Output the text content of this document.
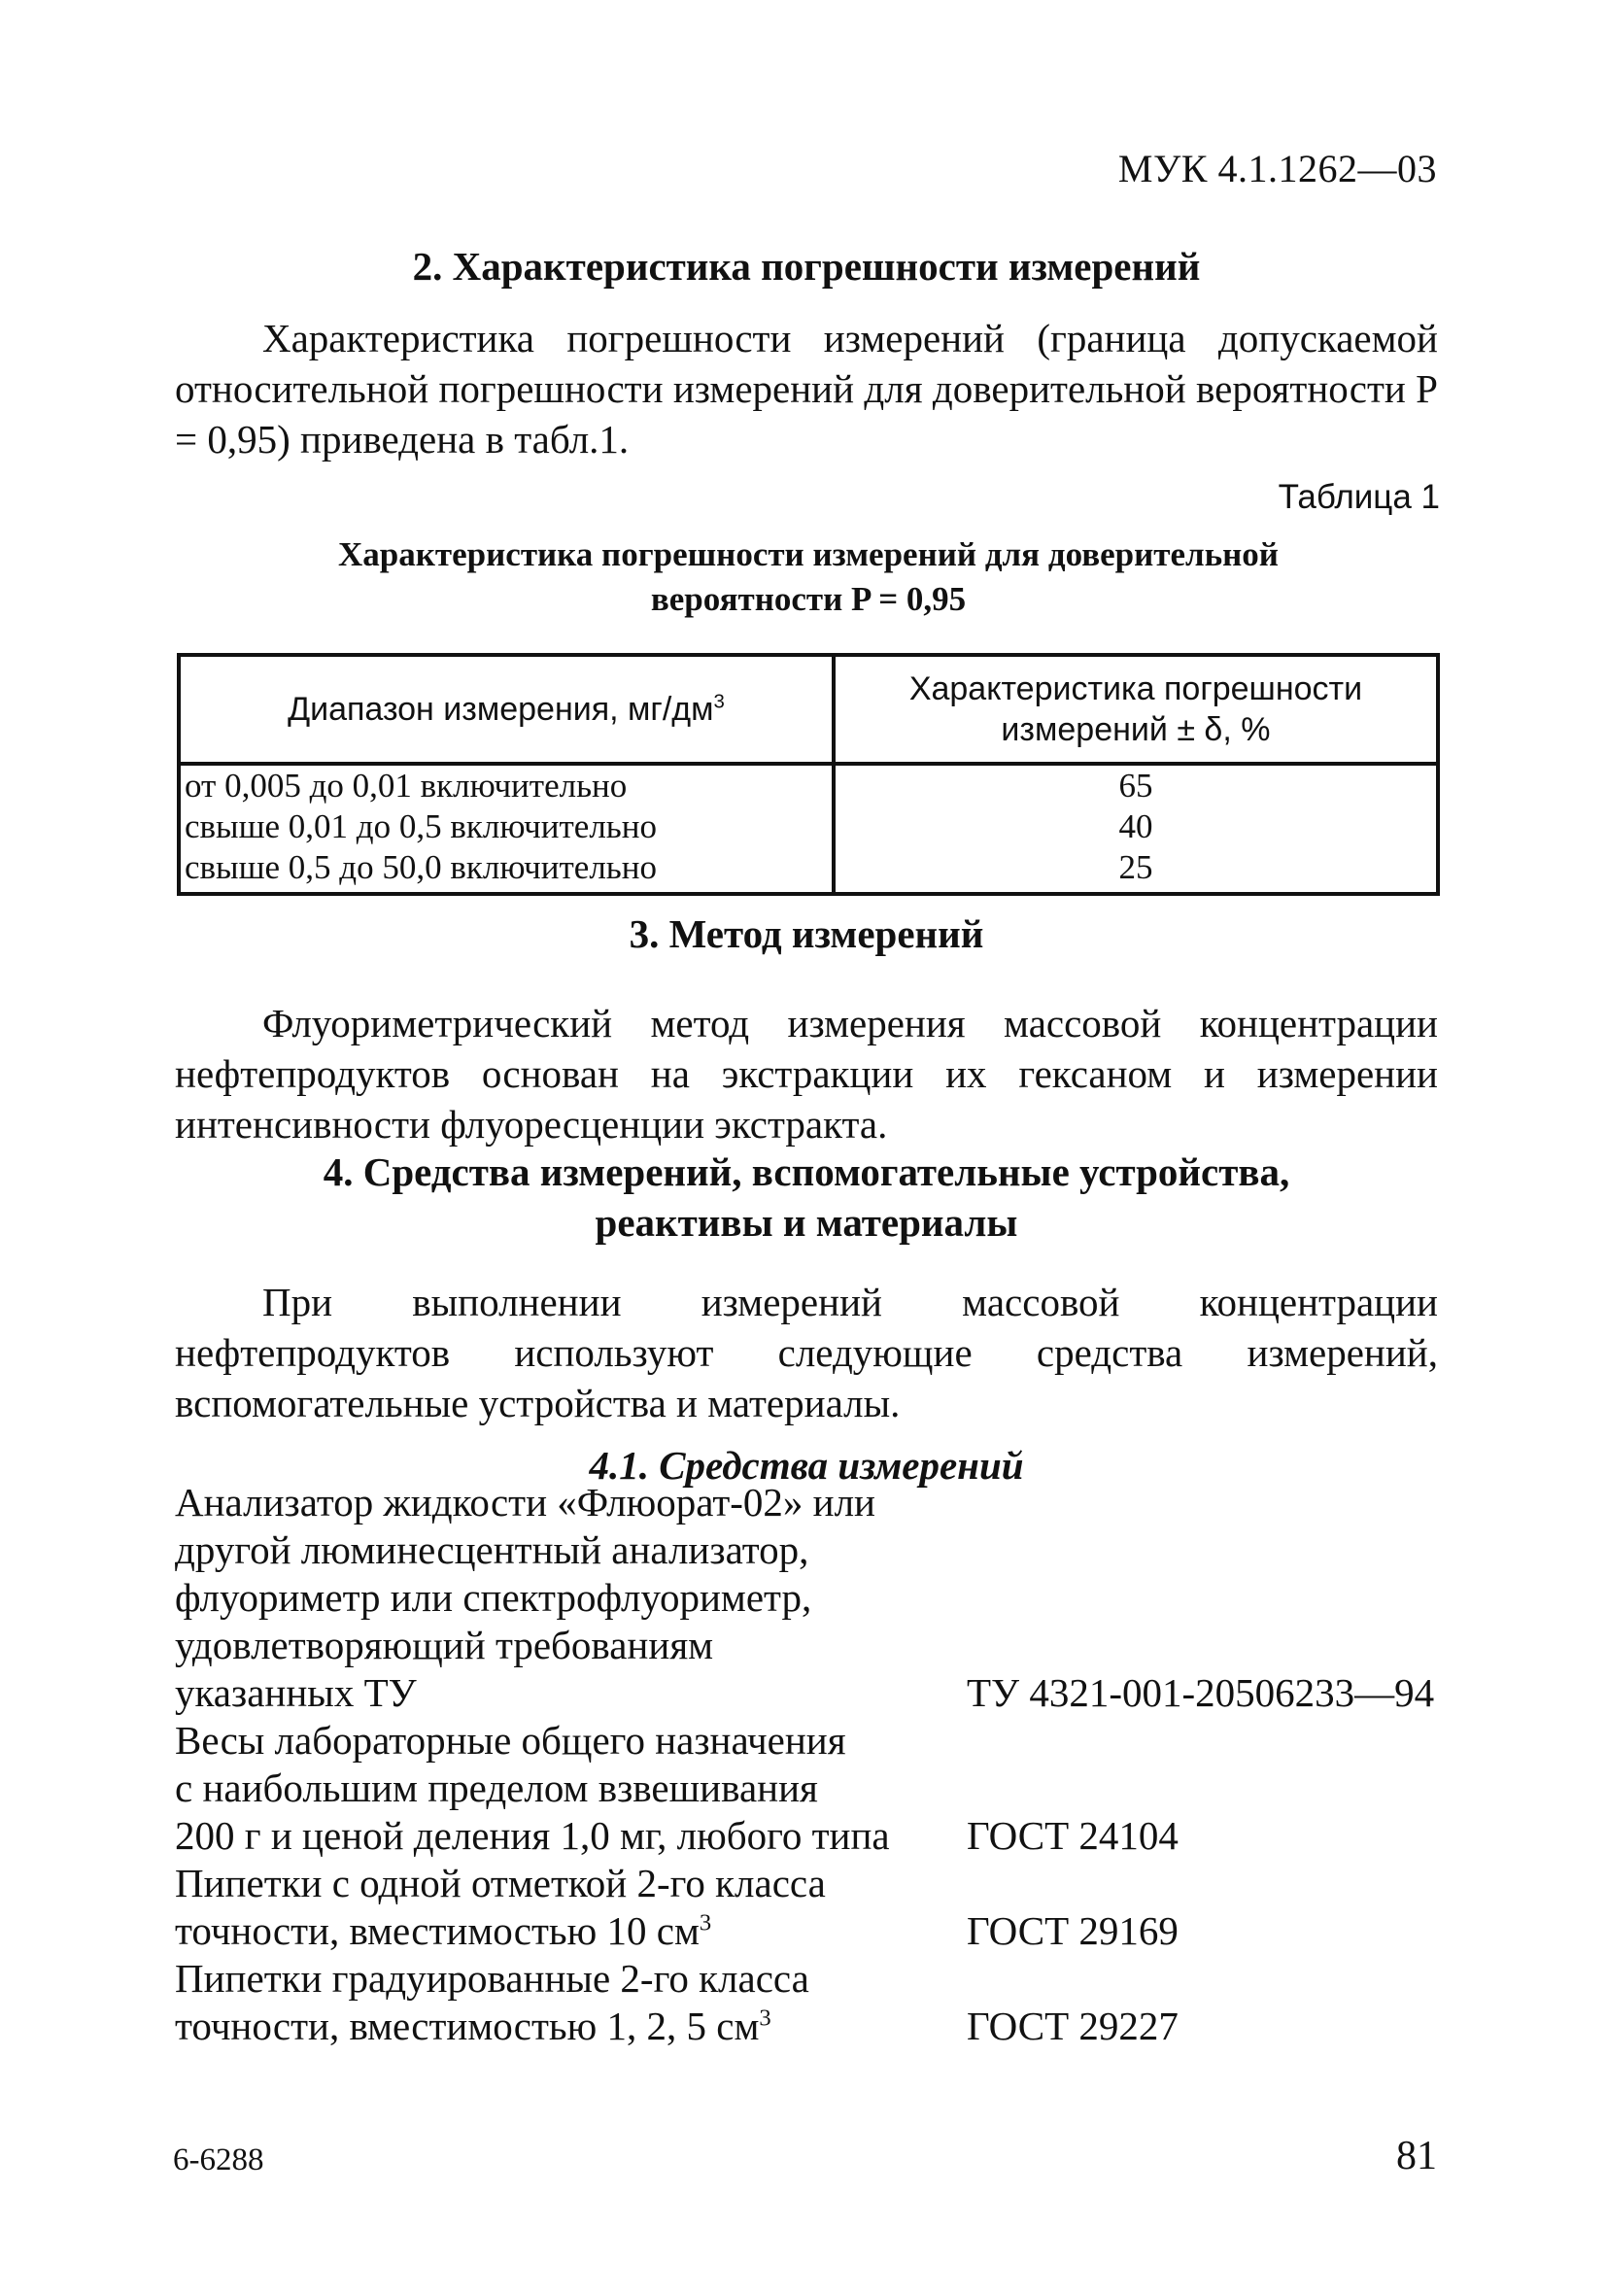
МУК 4.1.1262—03
2. Характеристика погрешности измерений

Характеристика погрешности измерений (граница допускаемой относительной погрешности измерений для доверительной вероятности P = 0,95) приведена в табл.1.

Таблица 1
Характеристика погрешности измерений для доверительной вероятности P = 0,95
Диапазон измерения, $мг/дм^3$	Характеристика погрешности измерений ± δ, %
от 0,005 до 0,01 включительно	65
свыше 0,01 до 0,5 включительно	40
свыше 0,5 до 50,0 включительно	25
3. Метод измерений

Флуориметрический метод измерения массовой концентрации нефтепродуктов основан на экстракции их гексаном и измерении интенсивности флуоресценции экстракта.

4. Средства измерений, вспомогательные устройства,
реактивы и материалы

При выполнении измерений массовой концентрации нефтепродуктов используют следующие средства измерений, вспомогательные устройства и материалы.

4.1. Средства измерений
Анализатор жидкости «Флюорат-02» или
другой люминесцентный анализатор,
флуориметр или спектрофлуориметр,
удовлетворяющий требованиям
указанных ТУ	ТУ 4321-001-20506233—94
Весы лабораторные общего назначения
с наибольшим пределом взвешивания
200 г и ценой деления 1,0 мг, любого типа	ГОСТ 24104
Пипетки с одной отметкой 2-го класса
точности, вместимостью 10 $см^3$	ГОСТ 29169
Пипетки градуированные 2-го класса
точности, вместимостью 1, 2, 5 $см^3$	ГОСТ 29227
6-6288	81
